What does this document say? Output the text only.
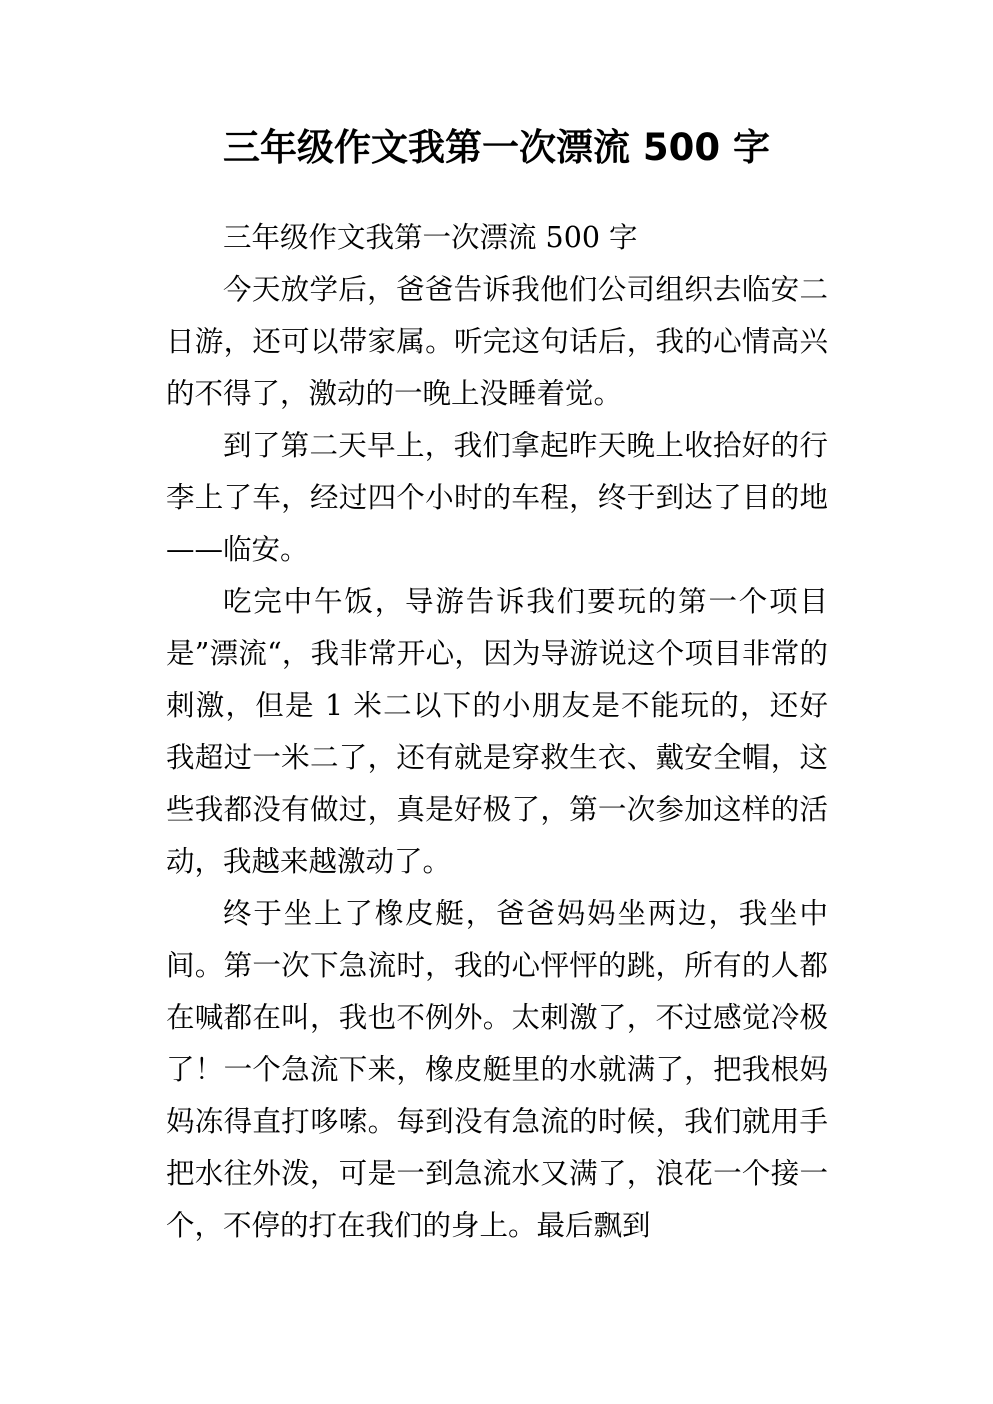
三年级作文我第一次漂流 500 字

三年级作文我第一次漂流 500 字

今天放学后，爸爸告诉我他们公司组织去临安二日游，还可以带家属。听完这句话后，我的心情高兴的不得了，激动的一晚上没睡着觉。

到了第二天早上，我们拿起昨天晚上收拾好的行李上了车，经过四个小时的车程，终于到达了目的地——临安。

吃完中午饭，导游告诉我们要玩的第一个项目是”漂流“，我非常开心，因为导游说这个项目非常的刺激，但是 1 米二以下的小朋友是不能玩的，还好我超过一米二了，还有就是穿救生衣、戴安全帽，这些我都没有做过，真是好极了，第一次参加这样的活动，我越来越激动了。

终于坐上了橡皮艇，爸爸妈妈坐两边，我坐中间。第一次下急流时，我的心怦怦的跳，所有的人都在喊都在叫，我也不例外。太刺激了，不过感觉冷极了！一个急流下来，橡皮艇里的水就满了，把我根妈妈冻得直打哆嗦。每到没有急流的时候，我们就用手把水往外泼，可是一到急流水又满了，浪花一个接一个，不停的打在我们的身上。最后飘到
